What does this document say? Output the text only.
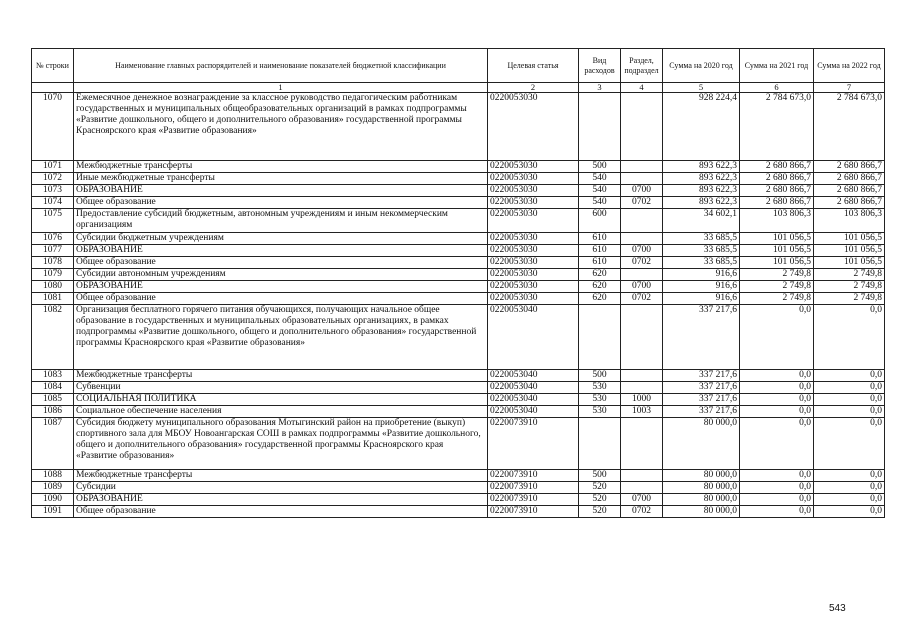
№ строки	Наименование главных распорядителей и наименование показателей бюджетной классификации	Целевая статья	Вид расходов	Раздел, подраздел	Сумма на 2020 год	Сумма на 2021 год	Сумма на 2022 год
	1	2	3	4	5	6	7
1070	Ежемесячное денежное вознаграждение за классное руководство педагогическим работникам государственных и муниципальных общеобразовательных организаций в рамках подпрограммы «Развитие дошкольного, общего и дополнительного образования» государственной программы Красноярского края «Развитие образования»	0220053030			928 224,4	2 784 673,0	2 784 673,0
1071	Межбюджетные трансферты	0220053030	500		893 622,3	2 680 866,7	2 680 866,7
1072	Иные межбюджетные трансферты	0220053030	540		893 622,3	2 680 866,7	2 680 866,7
1073	ОБРАЗОВАНИЕ	0220053030	540	0700	893 622,3	2 680 866,7	2 680 866,7
1074	Общее образование	0220053030	540	0702	893 622,3	2 680 866,7	2 680 866,7
1075	Предоставление субсидий бюджетным, автономным учреждениям и иным некоммерческим организациям	0220053030	600		34 602,1	103 806,3	103 806,3
1076	Субсидии бюджетным учреждениям	0220053030	610		33 685,5	101 056,5	101 056,5
1077	ОБРАЗОВАНИЕ	0220053030	610	0700	33 685,5	101 056,5	101 056,5
1078	Общее образование	0220053030	610	0702	33 685,5	101 056,5	101 056,5
1079	Субсидии автономным учреждениям	0220053030	620		916,6	2 749,8	2 749,8
1080	ОБРАЗОВАНИЕ	0220053030	620	0700	916,6	2 749,8	2 749,8
1081	Общее образование	0220053030	620	0702	916,6	2 749,8	2 749,8
1082	Организация бесплатного горячего питания обучающихся, получающих начальное общее образование в государственных и муниципальных образовательных организациях, в рамках подпрограммы «Развитие дошкольного, общего и дополнительного образования» государственной программы Красноярского края «Развитие образования»	0220053040			337 217,6	0,0	0,0
1083	Межбюджетные трансферты	0220053040	500		337 217,6	0,0	0,0
1084	Субвенции	0220053040	530		337 217,6	0,0	0,0
1085	СОЦИАЛЬНАЯ ПОЛИТИКА	0220053040	530	1000	337 217,6	0,0	0,0
1086	Социальное обеспечение населения	0220053040	530	1003	337 217,6	0,0	0,0
1087	Субсидия бюджету муниципального образования Мотыгинский район на приобретение (выкуп) спортивного зала для МБОУ Новоангарская СОШ в рамках подпрограммы «Развитие дошкольного, общего и дополнительного образования» государственной программы Красноярского края «Развитие образования»	0220073910			80 000,0	0,0	0,0
1088	Межбюджетные трансферты	0220073910	500		80 000,0	0,0	0,0
1089	Субсидии	0220073910	520		80 000,0	0,0	0,0
1090	ОБРАЗОВАНИЕ	0220073910	520	0700	80 000,0	0,0	0,0
1091	Общее образование	0220073910	520	0702	80 000,0	0,0	0,0
543
